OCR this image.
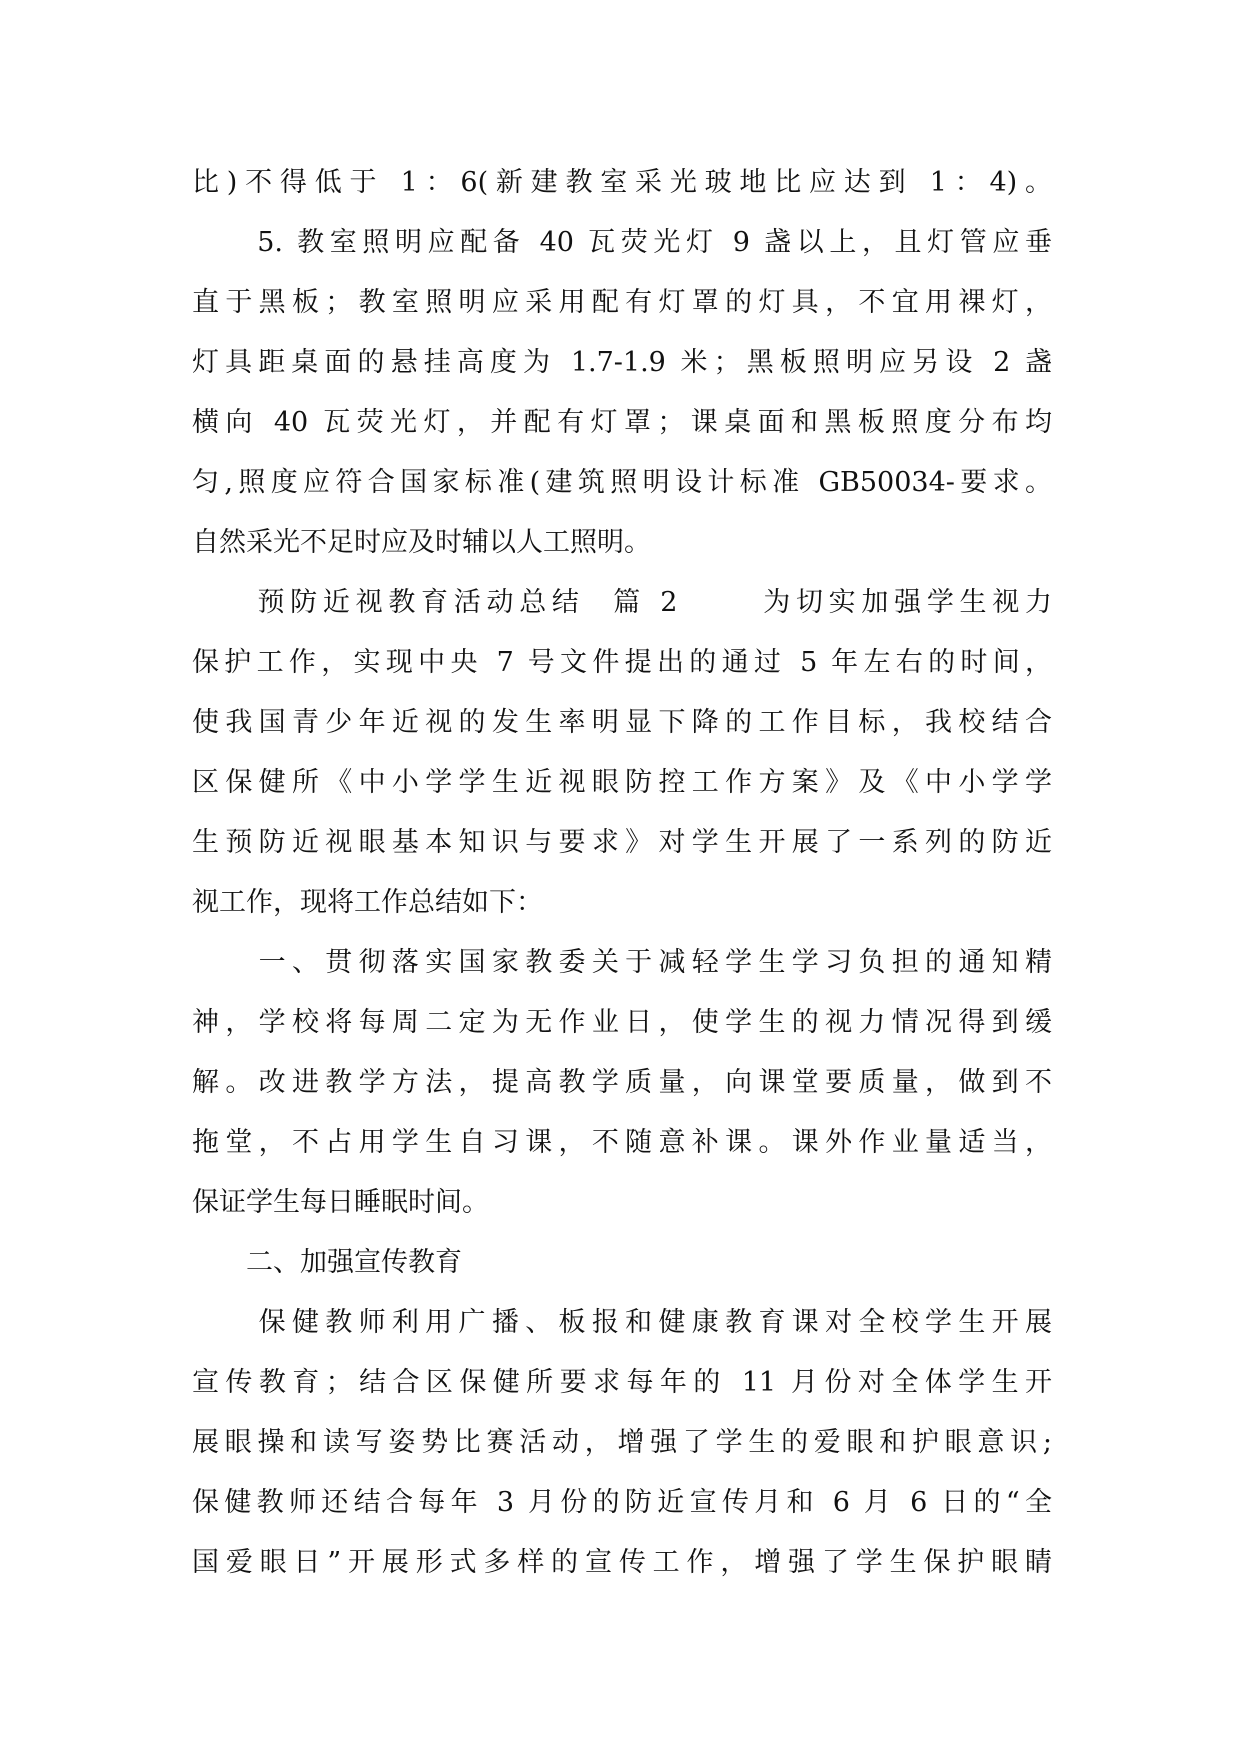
比)不得低于 1：6(新建教室采光玻地比应达到 1：4)。
　　5. 教室照明应配备 40 瓦荧光灯 9 盏以上，且灯管应垂
直于黑板；教室照明应采用配有灯罩的灯具，不宜用裸灯，
灯具距桌面的悬挂高度为 1.7-1.9 米；黑板照明应另设 2 盏
横向 40 瓦荧光灯，并配有灯罩；课桌面和黑板照度分布均
匀,照度应符合国家标准(建筑照明设计标准 GB50034-要求。
自然采光不足时应及时辅以人工照明。
　　预防近视教育活动总结  篇 2      为切实加强学生视力
保护工作，实现中央 7 号文件提出的通过 5 年左右的时间，
使我国青少年近视的发生率明显下降的工作目标，我校结合
区保健所《中小学学生近视眼防控工作方案》及《中小学学
生预防近视眼基本知识与要求》对学生开展了一系列的防近
视工作，现将工作总结如下：
　　一、贯彻落实国家教委关于减轻学生学习负担的通知精
神，学校将每周二定为无作业日，使学生的视力情况得到缓
解。改进教学方法，提高教学质量，向课堂要质量，做到不
拖堂，不占用学生自习课，不随意补课。课外作业量适当，
保证学生每日睡眠时间。
　　二、加强宣传教育
　　保健教师利用广播、板报和健康教育课对全校学生开展
宣传教育；结合区保健所要求每年的 11 月份对全体学生开
展眼操和读写姿势比赛活动，增强了学生的爱眼和护眼意识;
保健教师还结合每年 3 月份的防近宣传月和 6 月 6 日的“全
国爱眼日”开展形式多样的宣传工作，增强了学生保护眼睛
